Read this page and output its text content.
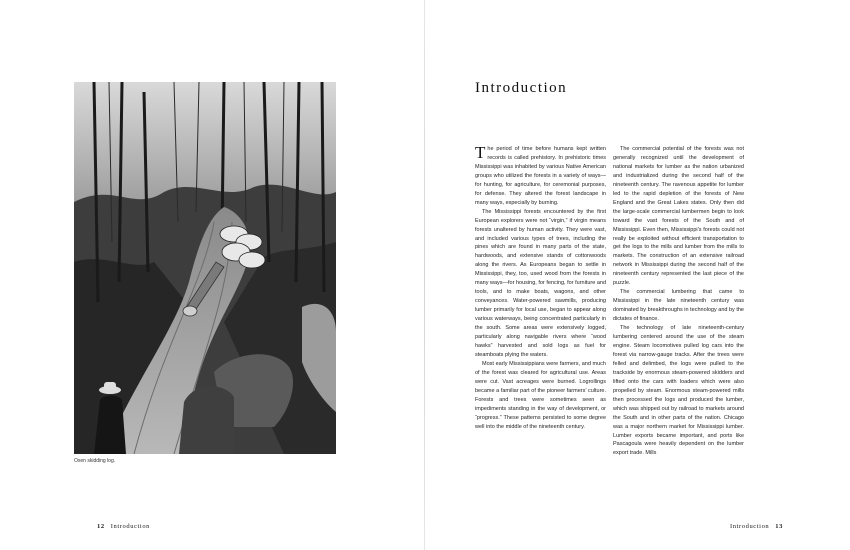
Oxen skidding log.
12 Introduction
Introduction

The period of time before humans kept written records is called prehistory. In prehistoric times Mississippi was inhabited by various Native American groups who utilized the forests in a variety of ways—for hunting, for agriculture, for ceremonial purposes, for defense. They altered the forest landscape in many ways, especially by burning.

The Mississippi forests encountered by the first European explorers were not “virgin,” if virgin means forests unaltered by human activity. They were vast, and included various types of trees, including the pines which are found in many parts of the state, hardwoods, and extensive stands of cottonwoods along the rivers. As Europeans began to settle in Mississippi, they, too, used wood from the forests in many ways—for housing, for fencing, for furniture and tools, and to make boats, wagons, and other conveyances. Water-powered sawmills, producing lumber primarily for local use, began to appear along various waterways, being concentrated particularly in the south. Some areas were extensively logged, particularly along navigable rivers where “wood hawks” harvested and sold logs as fuel for steamboats plying the waters.

Most early Mississippians were farmers, and much of the forest was cleared for agricultural use. Areas were cut. Vast acreages were burned. Logrollings became a familiar part of the pioneer farmers’ culture. Forests and trees were sometimes seen as impediments standing in the way of development, or “progress.” These patterns persisted to some degree well into the middle of the nineteenth century.

The commercial potential of the forests was not generally recognized until the development of national markets for lumber as the nation urbanized and industrialized during the second half of the nineteenth century. The ravenous appetite for lumber led to the rapid depletion of the forests of New England and the Great Lakes states. Only then did the large-scale commercial lumbermen begin to look toward the vast forests of the South and of Mississippi. Even then, Mississippi’s forests could not really be exploited without efficient transportation to get the logs to the mills and lumber from the mills to markets. The construction of an extensive railroad network in Mississippi during the second half of the nineteenth century represented the last piece of the puzzle.

The commercial lumbering that came to Mississippi in the late nineteenth century was dominated by breakthroughs in technology and by the dictates of finance.

The technology of late nineteenth-century lumbering centered around the use of the steam engine. Steam locomotives pulled log cars into the forest via narrow-gauge tracks. After the trees were felled and delimbed, the logs were pulled to the trackside by enormous steam-powered skidders and lifted onto the cars with loaders which were also propelled by steam. Enormous steam-powered mills then processed the logs and produced the lumber, which was shipped out by railroad to markets around the South and in other parts of the nation. Chicago was a major northern market for Mississippi lumber. Lumber exports became important, and ports like Pascagoula were heavily dependent on the lumber export trade. Mills

Introduction 13
